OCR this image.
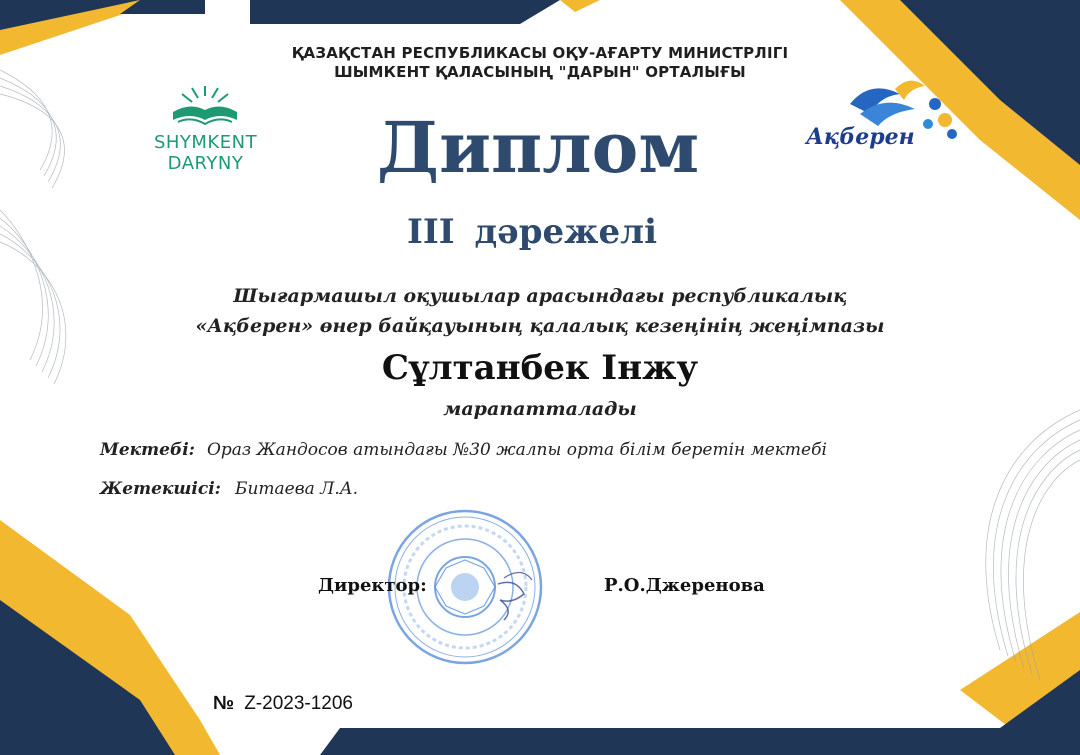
SHYMKENT DARYNY
Ақберен
ҚАЗАҚСТАН РЕСПУБЛИКАСЫ ОҚУ-АҒАРТУ МИНИСТРЛІГІ
ШЫМКЕНТ ҚАЛАСЫНЫҢ "ДАРЫН" ОРТАЛЫҒЫ
Диплом
III дәрежелі
Шығармашыл оқушылар арасындағы республикалық
«Ақберен» өнер байқауының қалалық кезеңінің жеңімпазы
Сұлтанбек Інжу
марапатталады
Мектебі: Ораз Жандосов атындағы №30 жалпы орта білім беретін мектебі
Жетекшісі: Битаева Л.А.
Директор:	Р.О.Джеренова
№ Z-2023-1206
